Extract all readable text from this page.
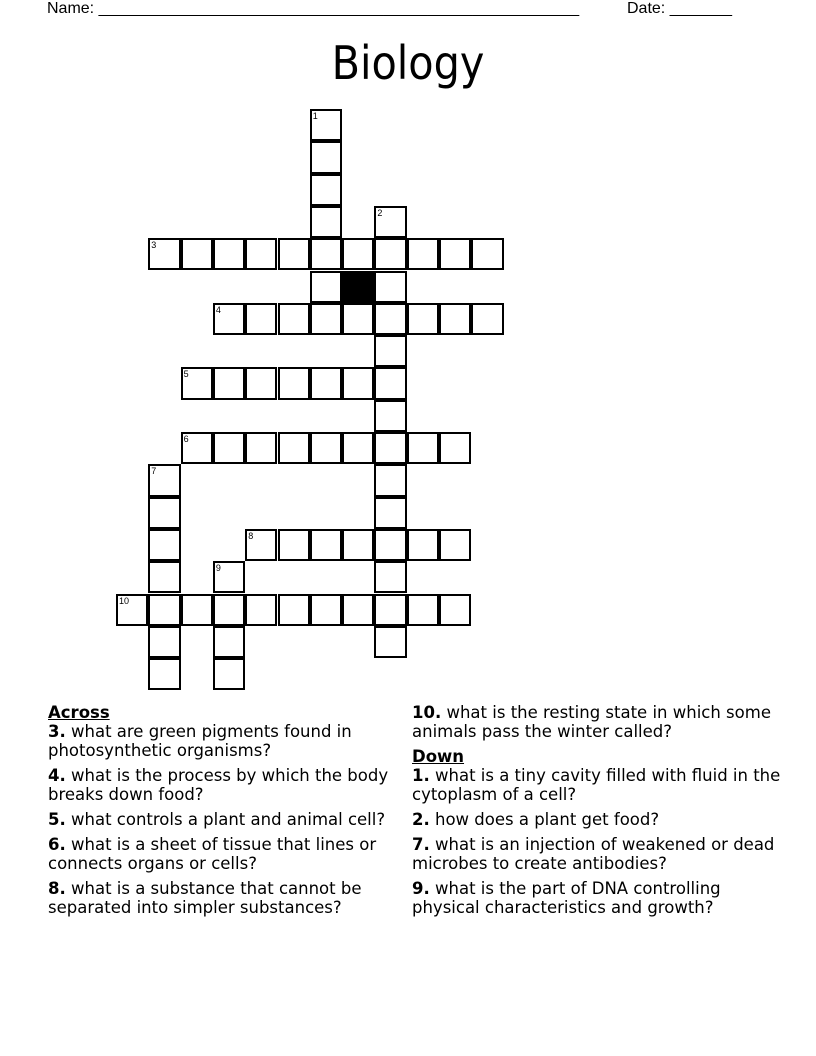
Name: ______________________________________________________	Date: _______
Biology
1
2
3
4
5
6
7
8
9
10

Across

3. what are green pigments found in photosynthetic organisms?

4. what is the process by which the body breaks down food?

5. what controls a plant and animal cell?

6. what is a sheet of tissue that lines or connects organs or cells?

8. what is a substance that cannot be separated into simpler substances?

10. what is the resting state in which some animals pass the winter called?

Down

1. what is a tiny cavity filled with fluid in the cytoplasm of a cell?

2. how does a plant get food?

7. what is an injection of weakened or dead microbes to create antibodies?

9. what is the part of DNA controlling physical characteristics and growth?
